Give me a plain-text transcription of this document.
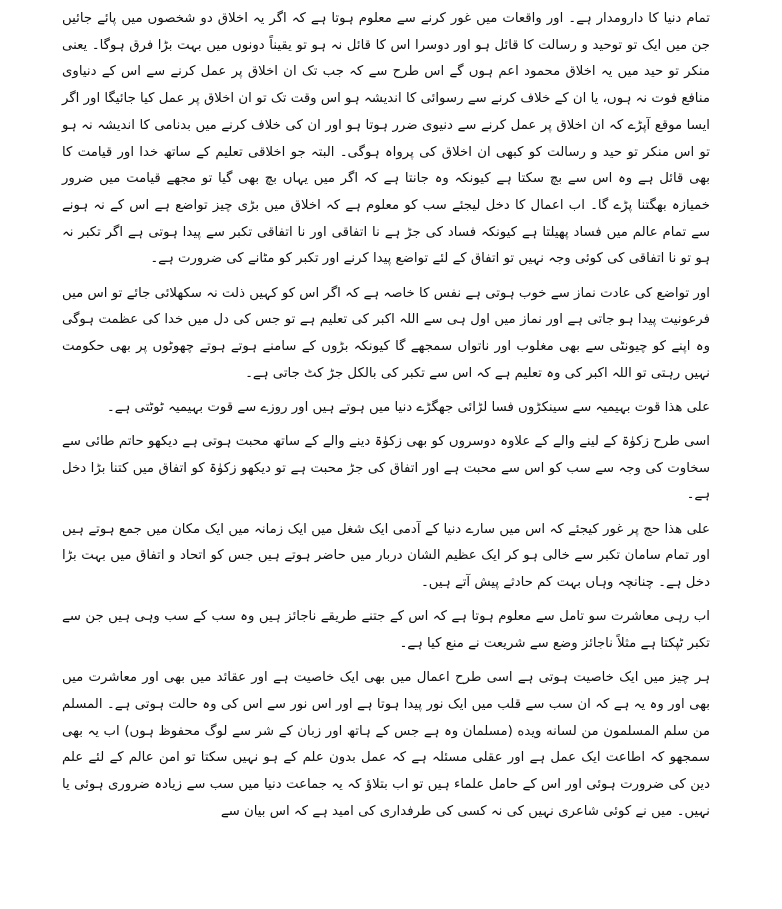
تمام دنیا کا دارومدار ہے۔ اور واقعات میں غور کرنے سے معلوم ہوتا ہے کہ اگر یہ اخلاق دو شخصوں میں پائے جائیں جن میں ایک تو توحید و رسالت کا قائل ہو اور دوسرا اس کا قائل نہ ہو تو یقیناً دونوں میں بہت بڑا فرق ہوگا۔ یعنی منکر تو حید میں یہ اخلاق محمود اعم ہوں گے اس طرح سے کہ جب تک ان اخلاق پر عمل کرنے سے اس کے دنیاوی منافع فوت نہ ہوں، یا ان کے خلاف کرنے سے رسوائی کا اندیشہ ہو اس وقت تک تو ان اخلاق پر عمل کیا جائیگا اور اگر ایسا موقع آپڑے کہ ان اخلاق پر عمل کرنے سے دنیوی ضرر ہوتا ہو اور ان کی خلاف کرنے میں بدنامی کا اندیشہ نہ ہو تو اس منکر تو حید و رسالت کو کبھی ان اخلاق کی پرواہ ہوگی۔ البتہ جو اخلاقی تعلیم کے ساتھ خدا اور قیامت کا بھی قائل ہے وہ اس سے بچ سکتا ہے کیونکہ وہ جانتا ہے کہ اگر میں یہاں بچ بھی گیا تو مجھے قیامت میں ضرور خمیازہ بھگتنا پڑے گا۔ اب اعمال کا دخل لیجئے سب کو معلوم ہے کہ اخلاق میں بڑی چیز تواضع ہے اس کے نہ ہونے سے تمام عالم میں فساد پھیلتا ہے کیونکہ فساد کی جڑ ہے نا اتفاقی اور نا اتفاقی تکبر سے پیدا ہوتی ہے اگر تکبر نہ ہو تو نا اتفاقی کی کوئی وجہ نہیں تو اتفاق کے لئے تواضع پیدا کرنے اور تکبر کو مٹانے کی ضرورت ہے۔

اور تواضع کی عادت نماز سے خوب ہوتی ہے نفس کا خاصہ ہے کہ اگر اس کو کہیں ذلت نہ سکھلائی جائے تو اس میں فرعونیت پیدا ہو جاتی ہے اور نماز میں اول ہی سے اللہ اکبر کی تعلیم ہے تو جس کی دل میں خدا کی عظمت ہوگی وہ اپنے کو چیونٹی سے بھی مغلوب اور ناتواں سمجھے گا کیونکہ بڑوں کے سامنے ہوتے ہوتے چھوٹوں پر بھی حکومت نہیں رہتی تو اللہ اکبر کی وہ تعلیم ہے کہ اس سے تکبر کی بالکل جڑ کٹ جاتی ہے۔

علی ھذا قوت بہیمیہ سے سینکڑوں فسا لڑائی جھگڑے دنیا میں ہوتے ہیں اور روزے سے قوت بہیمیہ ٹوٹتی ہے۔

اسی طرح زکوٰۃ کے لینے والے کے علاوہ دوسروں کو بھی زکوٰۃ دینے والے کے ساتھ محبت ہوتی ہے دیکھو حاتم طائی سے سخاوت کی وجہ سے سب کو اس سے محبت ہے اور اتفاق کی جڑ محبت ہے تو دیکھو زکوٰۃ کو اتفاق میں کتنا بڑا دخل ہے۔

علی ھذا حج پر غور کیجئے کہ اس میں سارے دنیا کے آدمی ایک شغل میں ایک زمانہ میں ایک مکان میں جمع ہوتے ہیں اور تمام سامان تکبر سے خالی ہو کر ایک عظیم الشان دربار میں حاضر ہوتے ہیں جس کو اتحاد و اتفاق میں بہت بڑا دخل ہے۔ چنانچہ وہاں بہت کم حادثے پیش آتے ہیں۔

اب رہی معاشرت سو تامل سے معلوم ہوتا ہے کہ اس کے جتنے طریقے ناجائز ہیں وہ سب کے سب وہی ہیں جن سے تکبر ٹپکتا ہے مثلاً ناجائز وضع سے شریعت نے منع کیا ہے۔

ہر چیز میں ایک خاصیت ہوتی ہے اسی طرح اعمال میں بھی ایک خاصیت ہے اور عقائد میں بھی اور معاشرت میں بھی اور وہ یہ ہے کہ ان سب سے قلب میں ایک نور پیدا ہوتا ہے اور اس نور سے اس کی وہ حالت ہوتی ہے۔ المسلم من سلم المسلمون من لسانه ویده (مسلمان وہ ہے جس کے ہاتھ اور زبان کے شر سے لوگ محفوظ ہوں) اب یہ بھی سمجھو کہ اطاعت ایک عمل ہے اور عقلی مسئلہ ہے کہ عمل بدون علم کے ہو نہیں سکتا تو امن عالم کے لئے علم دین کی ضرورت ہوئی اور اس کے حامل علماء ہیں تو اب بتلاؤ کہ یہ جماعت دنیا میں سب سے زیادہ ضروری ہوئی یا نہیں۔ میں نے کوئی شاعری نہیں کی نہ کسی کی طرفداری کی امید ہے کہ اس بیان سے
